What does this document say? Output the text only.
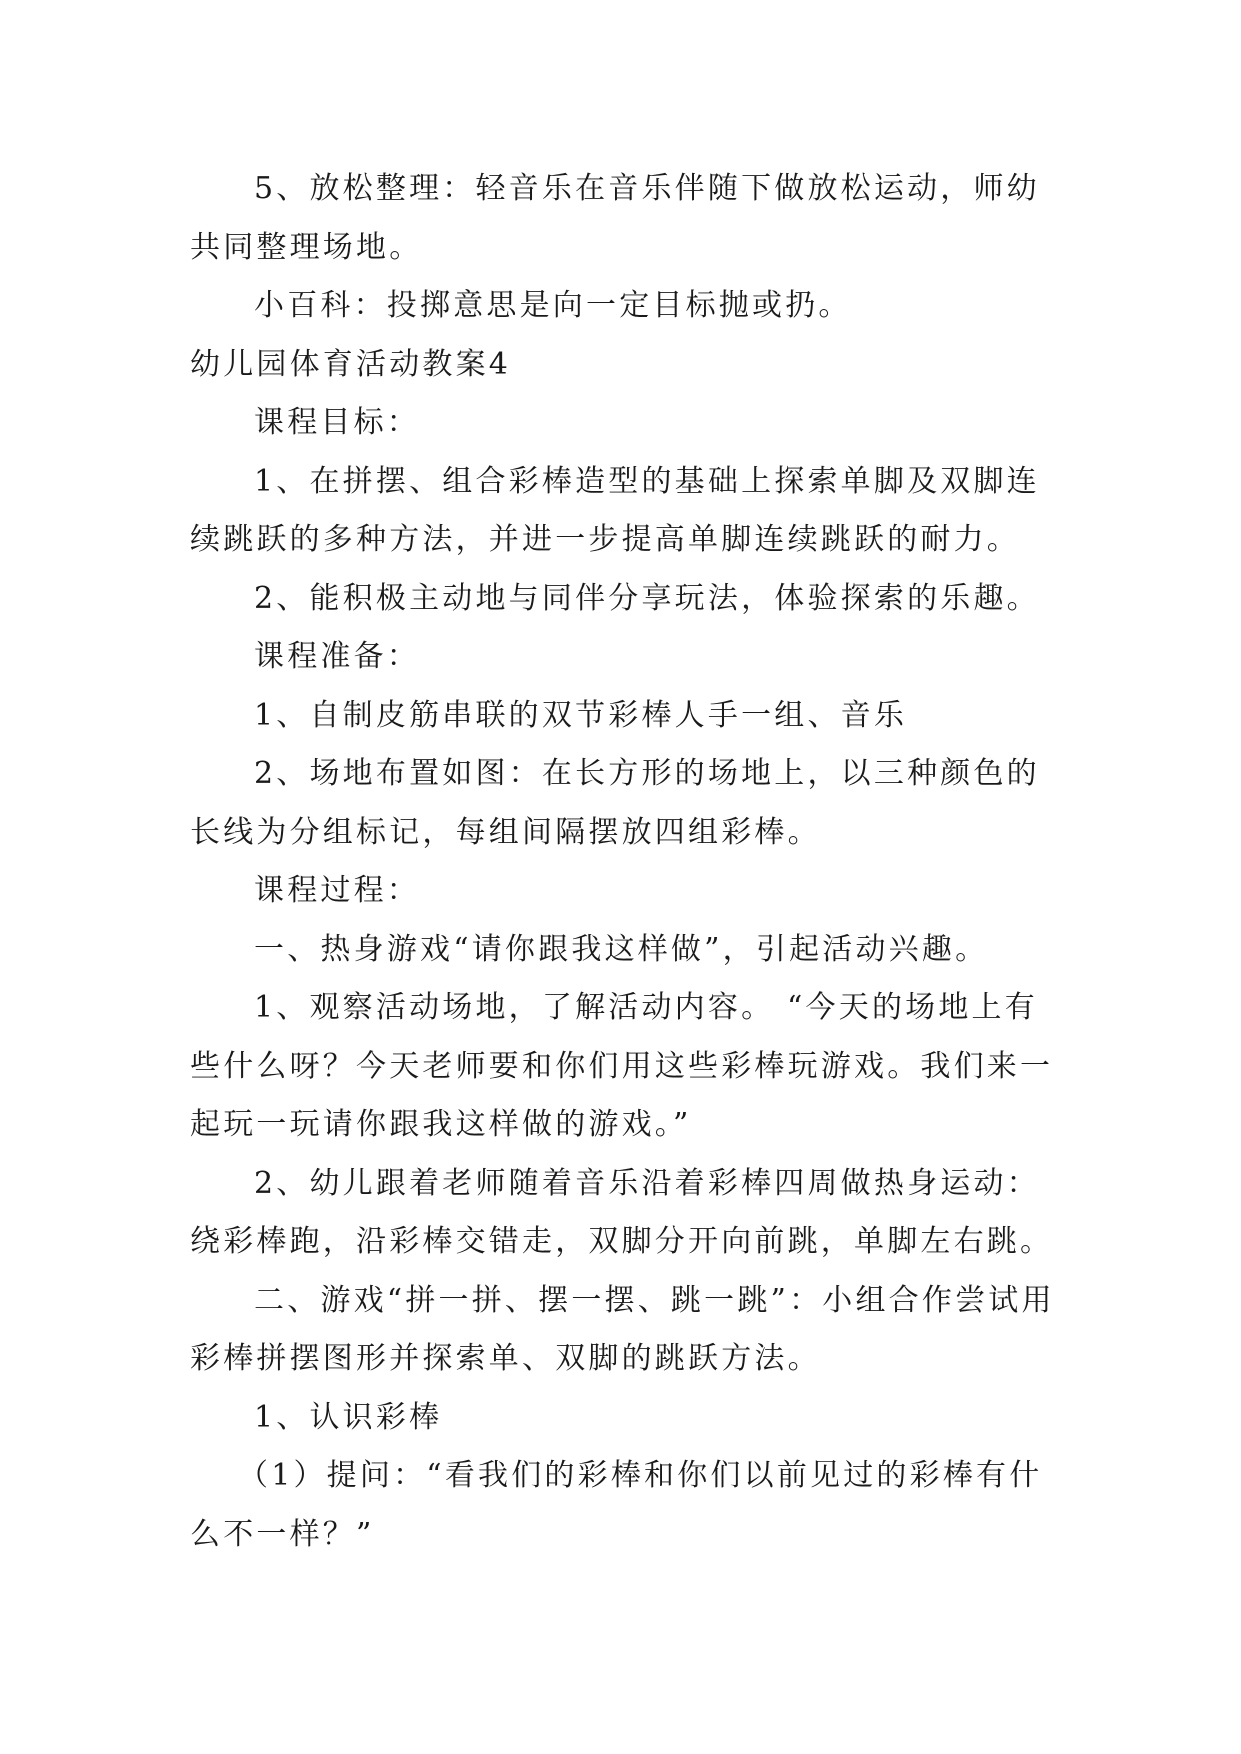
5、放松整理：轻音乐在音乐伴随下做放松运动，师幼共同整理场地。

小百科：投掷意思是向一定目标抛或扔。

幼儿园体育活动教案4

课程目标：

1、在拼摆、组合彩棒造型的基础上探索单脚及双脚连续跳跃的多种方法，并进一步提高单脚连续跳跃的耐力。

2、能积极主动地与同伴分享玩法，体验探索的乐趣。

课程准备：

1、自制皮筋串联的双节彩棒人手一组、音乐

2、场地布置如图：在长方形的场地上，以三种颜色的长线为分组标记，每组间隔摆放四组彩棒。

课程过程：

一、热身游戏“请你跟我这样做”，引起活动兴趣。

1、观察活动场地，了解活动内容。 “今天的场地上有些什么呀？今天老师要和你们用这些彩棒玩游戏。我们来一起玩一玩请你跟我这样做的游戏。”

2、幼儿跟着老师随着音乐沿着彩棒四周做热身运动：绕彩棒跑，沿彩棒交错走，双脚分开向前跳，单脚左右跳。

二、游戏“拼一拼、摆一摆、跳一跳”：小组合作尝试用彩棒拼摆图形并探索单、双脚的跳跃方法。

1、认识彩棒

（1）提问：“看我们的彩棒和你们以前见过的彩棒有什么不一样？”
